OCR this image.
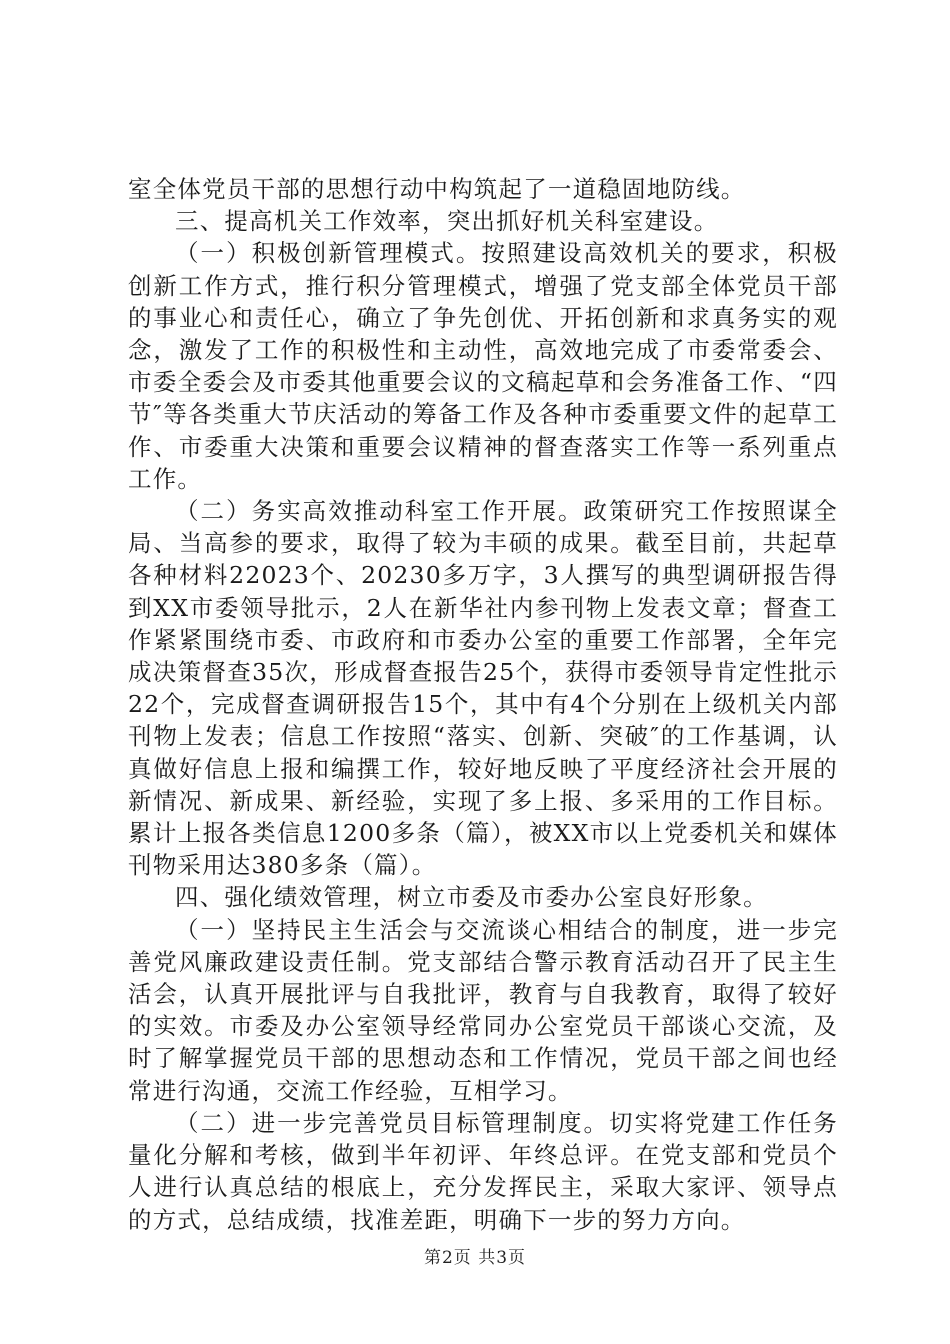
室全体党员干部的思想行动中构筑起了一道稳固地防线。

三、提高机关工作效率，突出抓好机关科室建设。

（一）积极创新管理模式。按照建设高效机关的要求，积极创新工作方式，推行积分管理模式，增强了党支部全体党员干部的事业心和责任心，确立了争先创优、开拓创新和求真务实的观念，激发了工作的积极性和主动性，高效地完成了市委常委会、市委全委会及市委其他重要会议的文稿起草和会务准备工作、“四节″等各类重大节庆活动的筹备工作及各种市委重要文件的起草工作、市委重大决策和重要会议精神的督查落实工作等一系列重点工作。

（二）务实高效推动科室工作开展。政策研究工作按照谋全局、当高参的要求，取得了较为丰硕的成果。截至目前，共起草各种材料22023个、20230多万字，3人撰写的典型调研报告得到XX市委领导批示，2人在新华社内参刊物上发表文章；督查工作紧紧围绕市委、市政府和市委办公室的重要工作部署，全年完成决策督查35次，形成督查报告25个，获得市委领导肯定性批示22个，完成督查调研报告15个，其中有4个分别在上级机关内部刊物上发表；信息工作按照“落实、创新、突破″的工作基调，认真做好信息上报和编撰工作，较好地反映了平度经济社会开展的新情况、新成果、新经验，实现了多上报、多采用的工作目标。累计上报各类信息1200多条（篇），被XX市以上党委机关和媒体刊物采用达380多条（篇）。

四、强化绩效管理，树立市委及市委办公室良好形象。

（一）坚持民主生活会与交流谈心相结合的制度，进一步完善党风廉政建设责任制。党支部结合警示教育活动召开了民主生活会，认真开展批评与自我批评，教育与自我教育，取得了较好的实效。市委及办公室领导经常同办公室党员干部谈心交流，及时了解掌握党员干部的思想动态和工作情况，党员干部之间也经常进行沟通，交流工作经验，互相学习。

（二）进一步完善党员目标管理制度。切实将党建工作任务量化分解和考核，做到半年初评、年终总评。在党支部和党员个人进行认真总结的根底上，充分发挥民主，采取大家评、领导点的方式，总结成绩，找准差距，明确下一步的努力方向。

第2页 共3页
